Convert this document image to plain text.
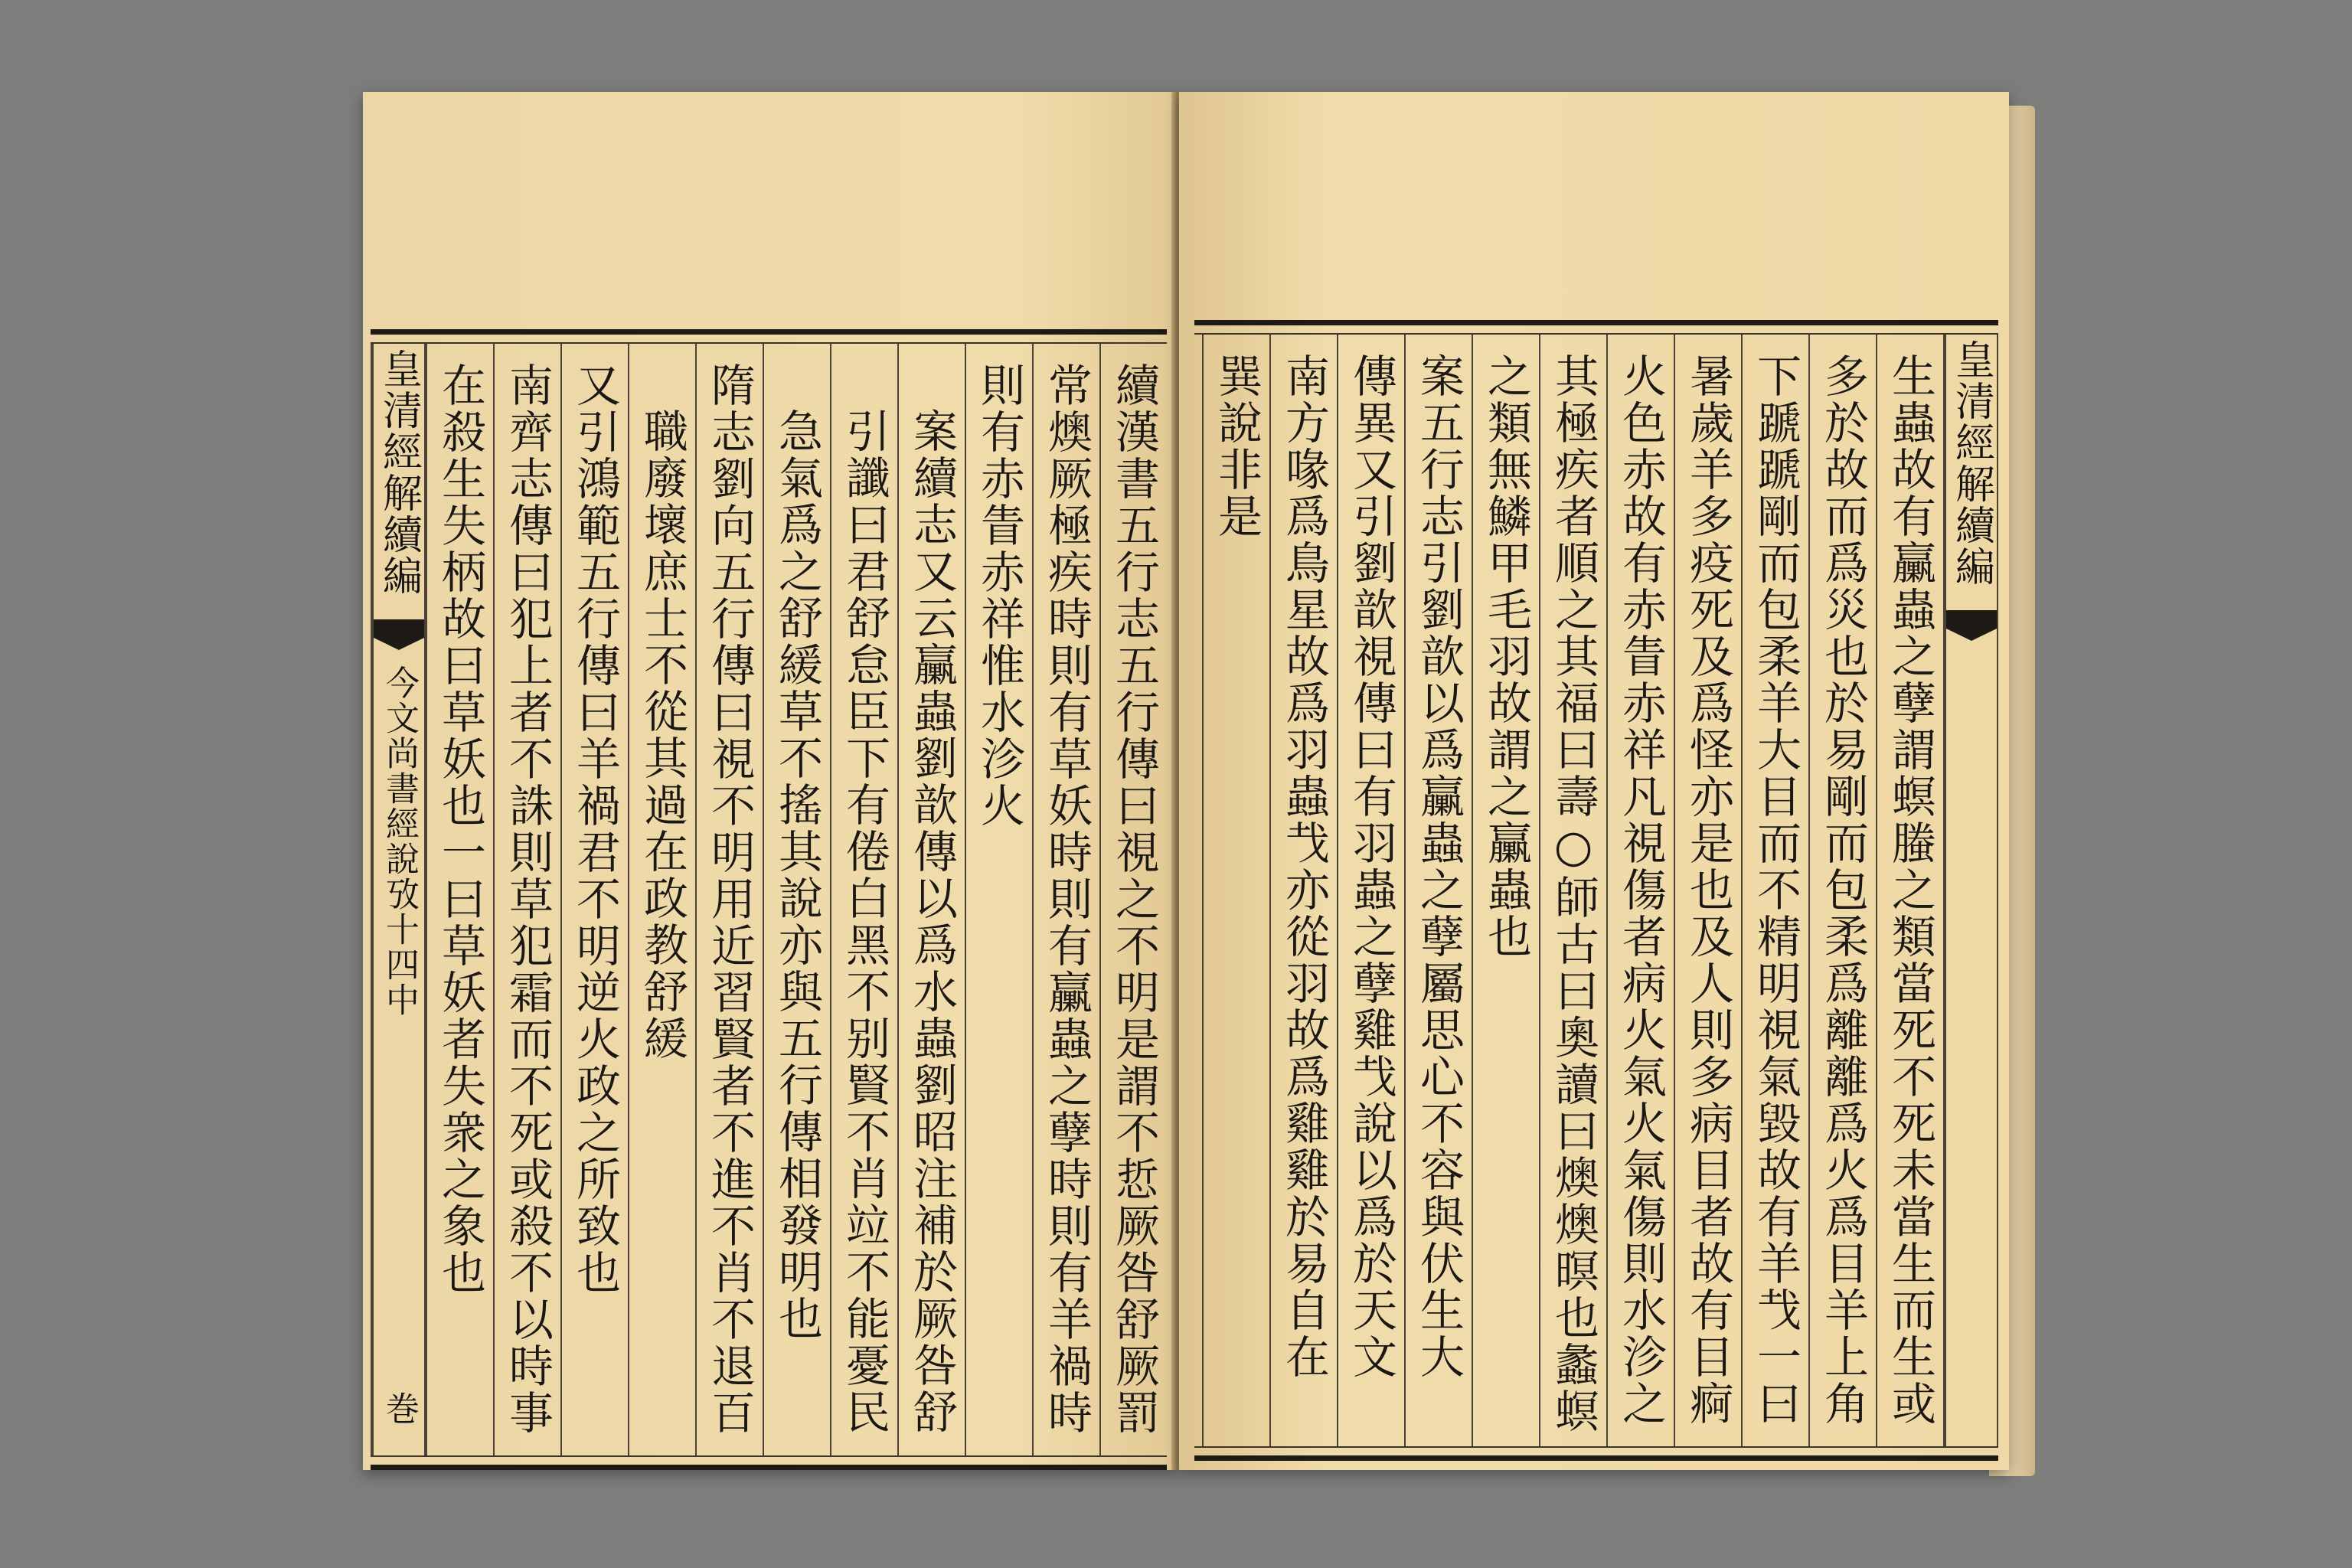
續漢書五行志五行傳曰視之不明是謂不悊厥咎舒厥罰
常燠厥極疾時則有草妖時則有臝蟲之孽時則有羊禍時
則有赤眚赤祥惟水沴火
案續志又云臝蟲劉歆傳以爲水蟲劉昭注補於厥咎舒
引讖曰君舒怠臣下有倦白黑不别賢不肖竝不能憂民
急氣爲之舒緩草不搖其說亦與五行傳相發明也
隋志劉向五行傳曰視不明用近習賢者不進不肖不退百
職廢壞庶士不從其過在政教舒緩
又引鴻範五行傳曰羊禍君不明逆火政之所致也
南齊志傳曰犯上者不誅則草犯霜而不死或殺不以時事
在殺生失柄故曰草妖也一曰草妖者失衆之象也
皇清經解續編
今文尚書經說攷十四中
巻
皇清經解續編
生蟲故有臝蟲之孽謂螟螣之類當死不死未當生而生或
多於故而爲災也於易剛而包柔爲離離爲火爲目羊上角
下蹏蹏剛而包柔羊大目而不精明視氣毀故有羊𢦏一曰
暑歲羊多疫死及爲怪亦是也及人則多病目者故有目痾
火色赤故有赤眚赤祥凡視傷者病火氣火氣傷則水沴之
其極疾者順之其福曰壽○師古曰奧讀曰燠燠暝也蠡螟
之類無鱗甲毛羽故謂之臝蟲也
案五行志引劉歆以爲臝蟲之孽屬思心不容與伏生大
傳異又引劉歆視傳曰有羽蟲之孽雞𢦏說以爲於天文
南方喙爲鳥星故爲羽蟲𢦏亦從羽故爲雞雞於易自在
巽說非是
